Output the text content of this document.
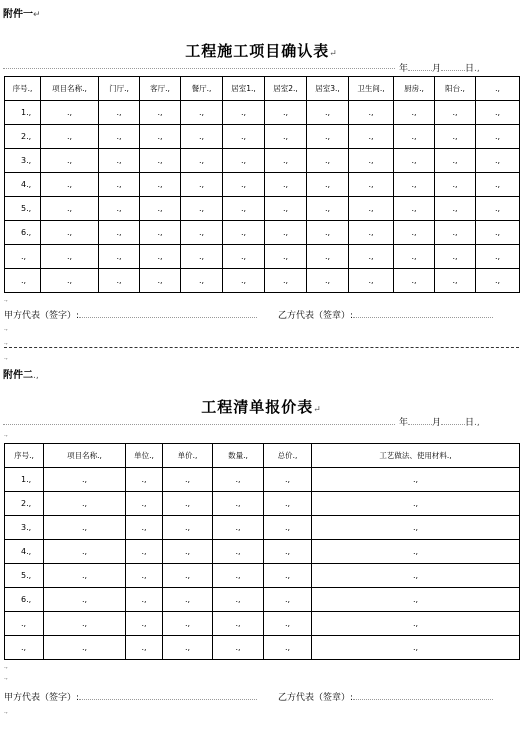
附件一↵
工程施工项目确认表↵
年	月	日.,
序号.,	项目名称.,	门厅.,	客厅.,	餐厅.,	居室1.,	居室2.,	居室3.,	卫生间.,	厨房.,	阳台.,	.,
1.,	.,	.,	.,	.,	.,	.,	.,	.,	.,	.,	.,
2.,	.,	.,	.,	.,	.,	.,	.,	.,	.,	.,	.,
3.,	.,	.,	.,	.,	.,	.,	.,	.,	.,	.,	.,
4.,	.,	.,	.,	.,	.,	.,	.,	.,	.,	.,	.,
5.,	.,	.,	.,	.,	.,	.,	.,	.,	.,	.,	.,
6.,	.,	.,	.,	.,	.,	.,	.,	.,	.,	.,	.,
.,	.,	.,	.,	.,	.,	.,	.,	.,	.,	.,	.,
.,	.,	.,	.,	.,	.,	.,	.,	.,	.,	.,	.,
.,
甲方代表（签字）:	乙方代表（签章）:
.,
.,
.,
附件二.,
工程清单报价表↵
年	月	日.,
.,
序号.,	项目名称.,	单位.,	单价.,	数量.,	总价.,	工艺做法、使用材料.,
1.,	.,	.,	.,	.,	.,	.,
2.,	.,	.,	.,	.,	.,	.,
3.,	.,	.,	.,	.,	.,	.,
4.,	.,	.,	.,	.,	.,	.,
5.,	.,	.,	.,	.,	.,	.,
6.,	.,	.,	.,	.,	.,	.,
.,	.,	.,	.,	.,	.,	.,
.,	.,	.,	.,	.,	.,	.,
.,
.,
甲方代表（签字）:	乙方代表（签章）:
.,
